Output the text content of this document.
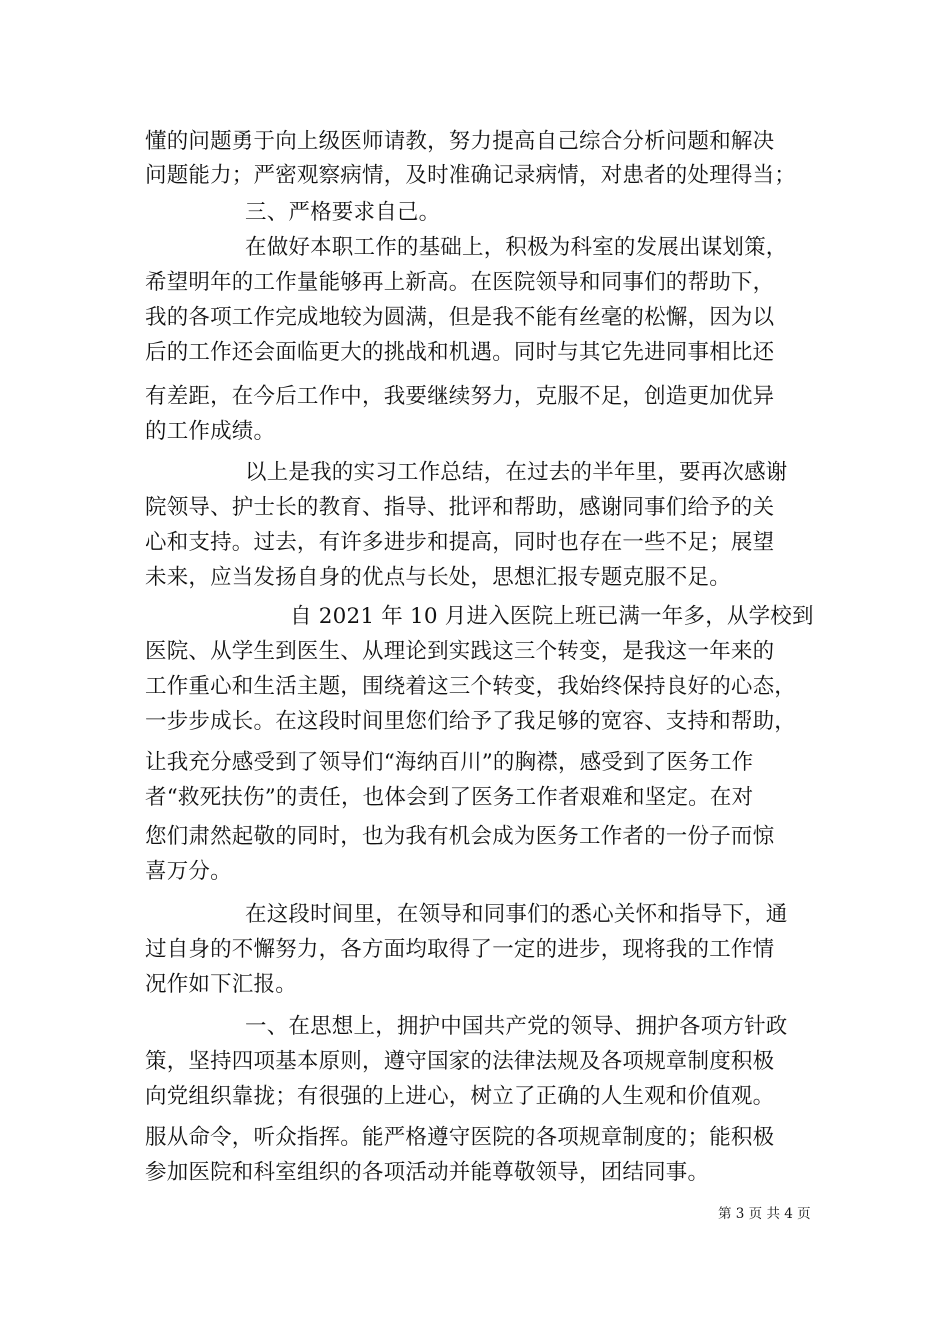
懂的问题勇于向上级医师请教，努力提高自己综合分析问题和解决
问题能力；严密观察病情，及时准确记录病情，对患者的处理得当；
三、严格要求自己。
在做好本职工作的基础上，积极为科室的发展出谋划策，
希望明年的工作量能够再上新高。在医院领导和同事们的帮助下，
我的各项工作完成地较为圆满，但是我不能有丝毫的松懈，因为以
后的工作还会面临更大的挑战和机遇。同时与其它先进同事相比还
有差距，在今后工作中，我要继续努力，克服不足，创造更加优异
的工作成绩。
以上是我的实习工作总结，在过去的半年里，要再次感谢
院领导、护士长的教育、指导、批评和帮助，感谢同事们给予的关
心和支持。过去，有许多进步和提高，同时也存在一些不足；展望
未来，应当发扬自身的优点与长处，思想汇报专题克服不足。
自 2021 年 10 月进入医院上班已满一年多，从学校到
医院、从学生到医生、从理论到实践这三个转变，是我这一年来的
工作重心和生活主题，围绕着这三个转变，我始终保持良好的心态，
一步步成长。在这段时间里您们给予了我足够的宽容、支持和帮助，
让我充分感受到了领导们“海纳百川”的胸襟，感受到了医务工作
者“救死扶伤”的责任，也体会到了医务工作者艰难和坚定。在对
您们肃然起敬的同时，也为我有机会成为医务工作者的一份子而惊
喜万分。
在这段时间里，在领导和同事们的悉心关怀和指导下，通
过自身的不懈努力，各方面均取得了一定的进步，现将我的工作情
况作如下汇报。
一、在思想上，拥护中国共产党的领导、拥护各项方针政
策，坚持四项基本原则，遵守国家的法律法规及各项规章制度积极
向党组织靠拢；有很强的上进心，树立了正确的人生观和价值观。
服从命令，听众指挥。能严格遵守医院的各项规章制度的；能积极
参加医院和科室组织的各项活动并能尊敬领导，团结同事。
第 3 页 共 4 页
